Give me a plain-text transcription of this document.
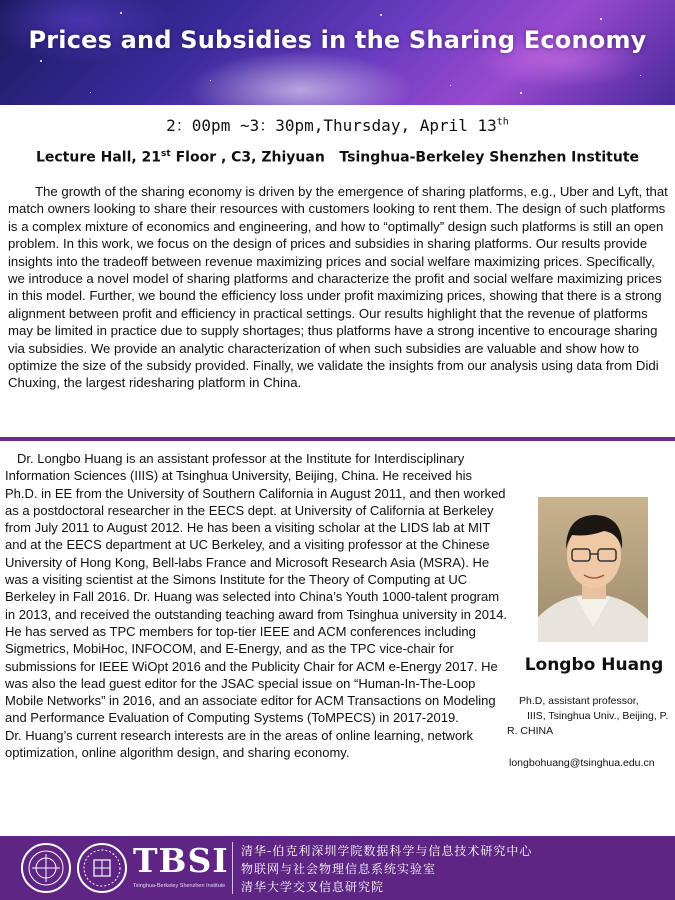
Prices and Subsidies in the Sharing Economy
2：00pm ~3：30pm,Thursday, April 13th
Lecture Hall, 21st Floor , C3, Zhiyuan   Tsinghua-Berkeley Shenzhen Institute
The growth of the sharing economy is driven by the emergence of sharing platforms, e.g., Uber and Lyft, that match owners looking to share their resources with customers looking to rent them. The design of such platforms is a complex mixture of economics and engineering, and how to “optimally” design such platforms is still an open problem. In this work, we focus on the design of prices and subsidies in sharing platforms. Our results provide insights into the tradeoff between revenue maximizing prices and social welfare maximizing prices. Specifically, we introduce a novel model of sharing platforms and characterize the profit and social welfare maximizing prices in this model. Further, we bound the efficiency loss under profit maximizing prices, showing that there is a strong alignment between profit and efficiency in practical settings. Our results highlight that the revenue of platforms may be limited in practice due to supply shortages; thus platforms have a strong incentive to encourage sharing via subsidies. We provide an analytic characterization of when such subsidies are valuable and show how to optimize the size of the subsidy provided. Finally, we validate the insights from our analysis using data from Didi Chuxing, the largest ridesharing platform in China.

Dr. Longbo Huang is an assistant professor at the Institute for Interdisciplinary Information Sciences (IIIS) at Tsinghua University, Beijing, China. He received his Ph.D. in EE from the University of Southern California in August 2011, and then worked as a postdoctoral researcher in the EECS dept. at University of California at Berkeley from July 2011 to August 2012. He has been a visiting scholar at the LIDS lab at MIT and at the EECS department at UC Berkeley, and a visiting professor at the Chinese University of Hong Kong, Bell-labs France and Microsoft Research Asia (MSRA). He was a visiting scientist at the Simons Institute for the Theory of Computing at UC Berkeley in Fall 2016. Dr. Huang was selected into China’s Youth 1000-talent program in 2013, and received the outstanding teaching award from Tsinghua university in 2014. He has served as TPC members for top-tier IEEE and ACM conferences including Sigmetrics, MobiHoc, INFOCOM, and E-Energy, and as the TPC vice-chair for submissions for IEEE WiOpt 2016 and the Publicity Chair for ACM e-Energy 2017. He was also the lead guest editor for the JSAC special issue on “Human-In-The-Loop Mobile Networks” in 2016, and an associate editor for ACM Transactions on Modeling and Performance Evaluation of Computing Systems (ToMPECS) in 2017-2019.

Dr. Huang’s current research interests are in the areas of online learning, network optimization, online algorithm design, and sharing economy.

Longbo Huang
Ph.D, assistant professor,
IIIS, Tsinghua Univ., Beijing, P.
R. CHINA
longbohuang@tsinghua.edu.cn
TBSI
Tsinghua-Berkeley Shenzhen Institute
清华-伯克利深圳学院数据科学与信息技术研究中心
物联网与社会物理信息系统实验室
清华大学交叉信息研究院
